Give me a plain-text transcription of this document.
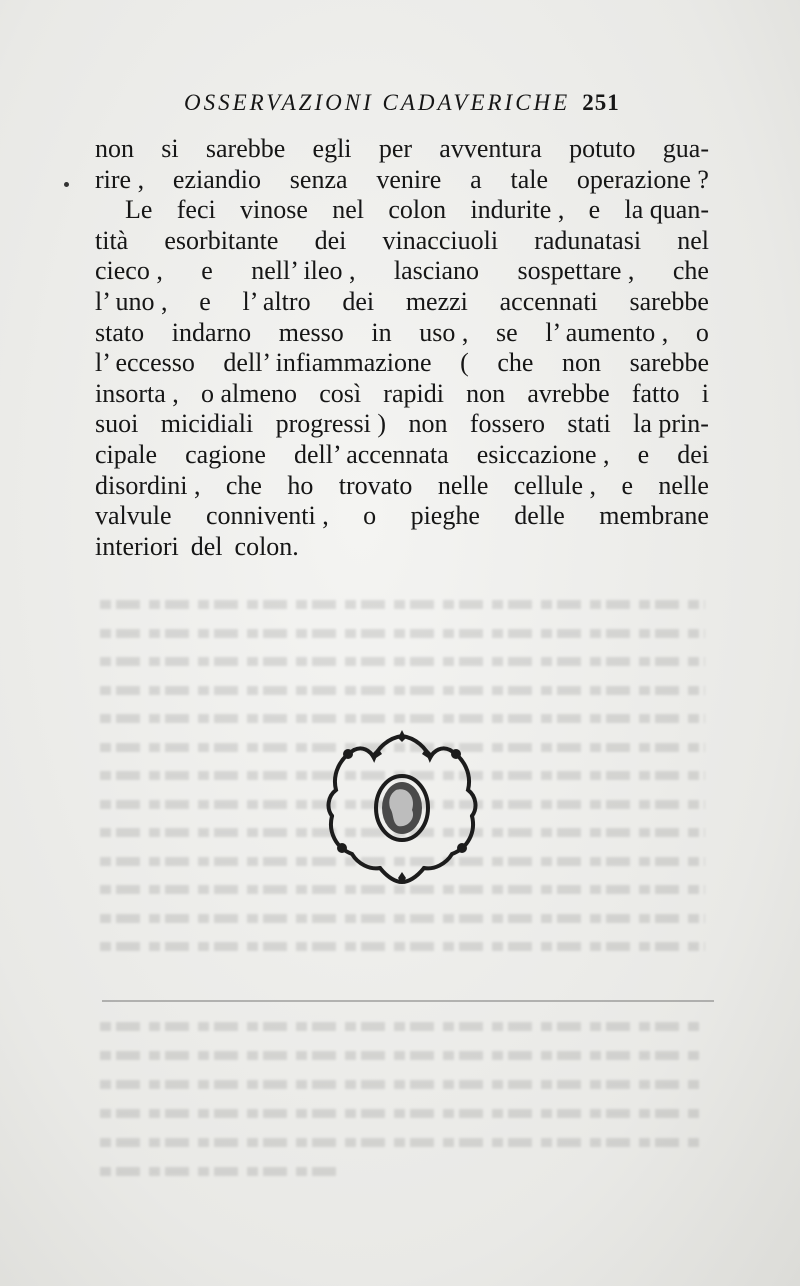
OSSERVAZIONI CADAVERICHE 251
non si sarebbe egli per avventura potuto gua-
rire , eziandio senza venire a tale operazione ?
Le feci vinose nel colon indurite , e la quan-
tità esorbitante dei vinacciuoli radunatasi nel
cieco , e nell’ ileo , lasciano sospettare , che
l’ uno , e l’ altro dei mezzi accennati sarebbe
stato indarno messo in uso , se l’ aumento , o
l’ eccesso dell’ infiammazione ( che non sarebbe
insorta , o almeno così rapidi non avrebbe fatto i
suoi micidiali progressi ) non fossero stati la prin-
cipale cagione dell’ accennata esiccazione , e dei
disordini , che ho trovato nelle cellule , e nelle
valvule conniventi , o pieghe delle membrane
interiori del colon.
